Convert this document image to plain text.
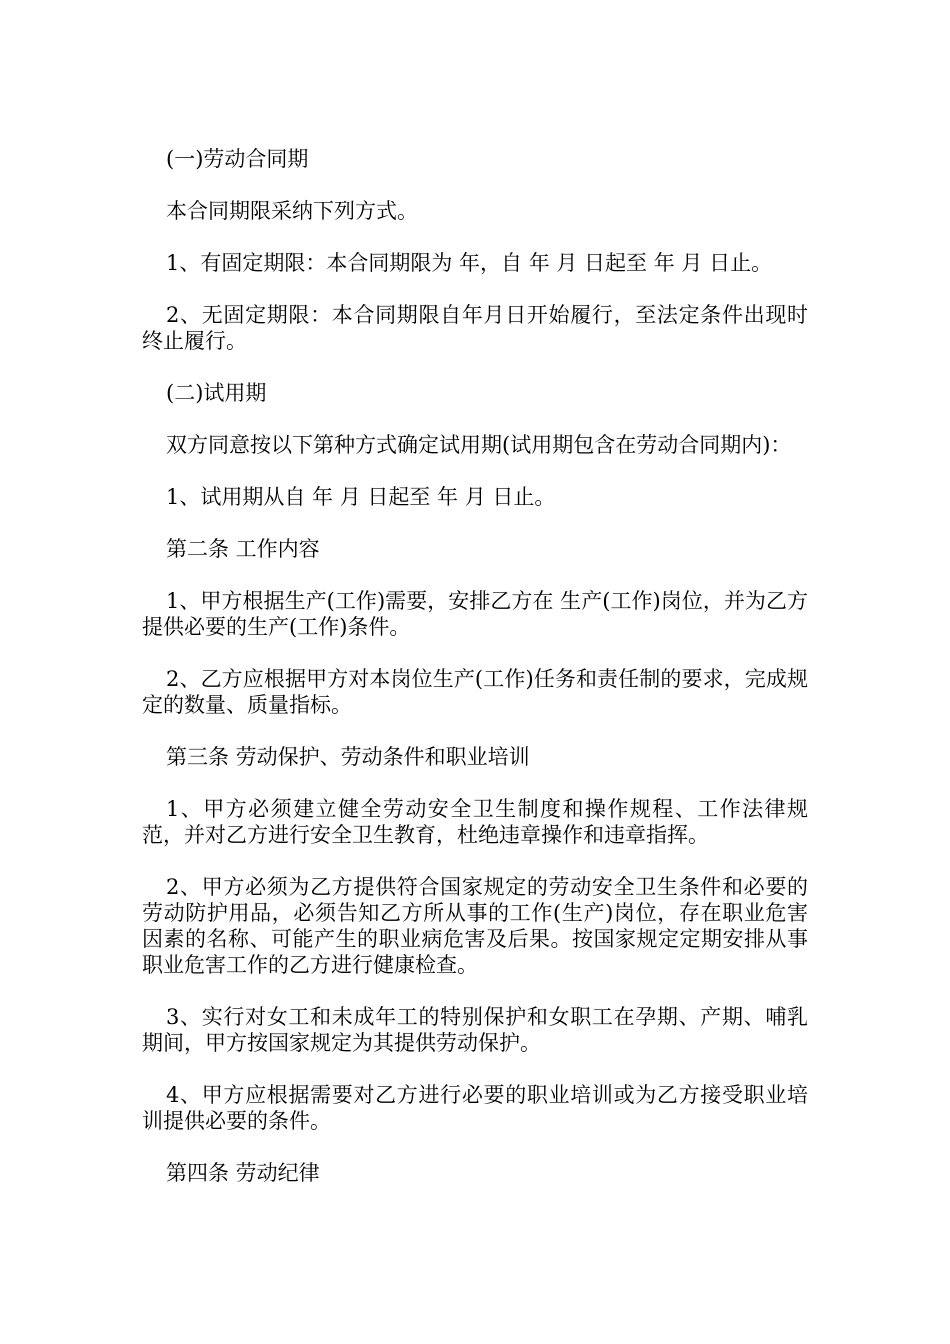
(一)劳动合同期

本合同期限采纳下列方式。

1、有固定期限：本合同期限为 年，自 年 月 日起至 年 月 日止。

2、无固定期限：本合同期限自年月日开始履行，至法定条件出现时终止履行。

(二)试用期

双方同意按以下第种方式确定试用期(试用期包含在劳动合同期内)：

1、试用期从自 年 月 日起至 年 月 日止。

第二条 工作内容

1、甲方根据生产(工作)需要，安排乙方在 生产(工作)岗位，并为乙方提供必要的生产(工作)条件。

2、乙方应根据甲方对本岗位生产(工作)任务和责任制的要求，完成规定的数量、质量指标。

第三条 劳动保护、劳动条件和职业培训

1、甲方必须建立健全劳动安全卫生制度和操作规程、工作法律规范，并对乙方进行安全卫生教育，杜绝违章操作和违章指挥。

2、甲方必须为乙方提供符合国家规定的劳动安全卫生条件和必要的劳动防护用品，必须告知乙方所从事的工作(生产)岗位，存在职业危害因素的名称、可能产生的职业病危害及后果。按国家规定定期安排从事职业危害工作的乙方进行健康检查。

3、实行对女工和未成年工的特别保护和女职工在孕期、产期、哺乳期间，甲方按国家规定为其提供劳动保护。

4、甲方应根据需要对乙方进行必要的职业培训或为乙方接受职业培训提供必要的条件。

第四条 劳动纪律
